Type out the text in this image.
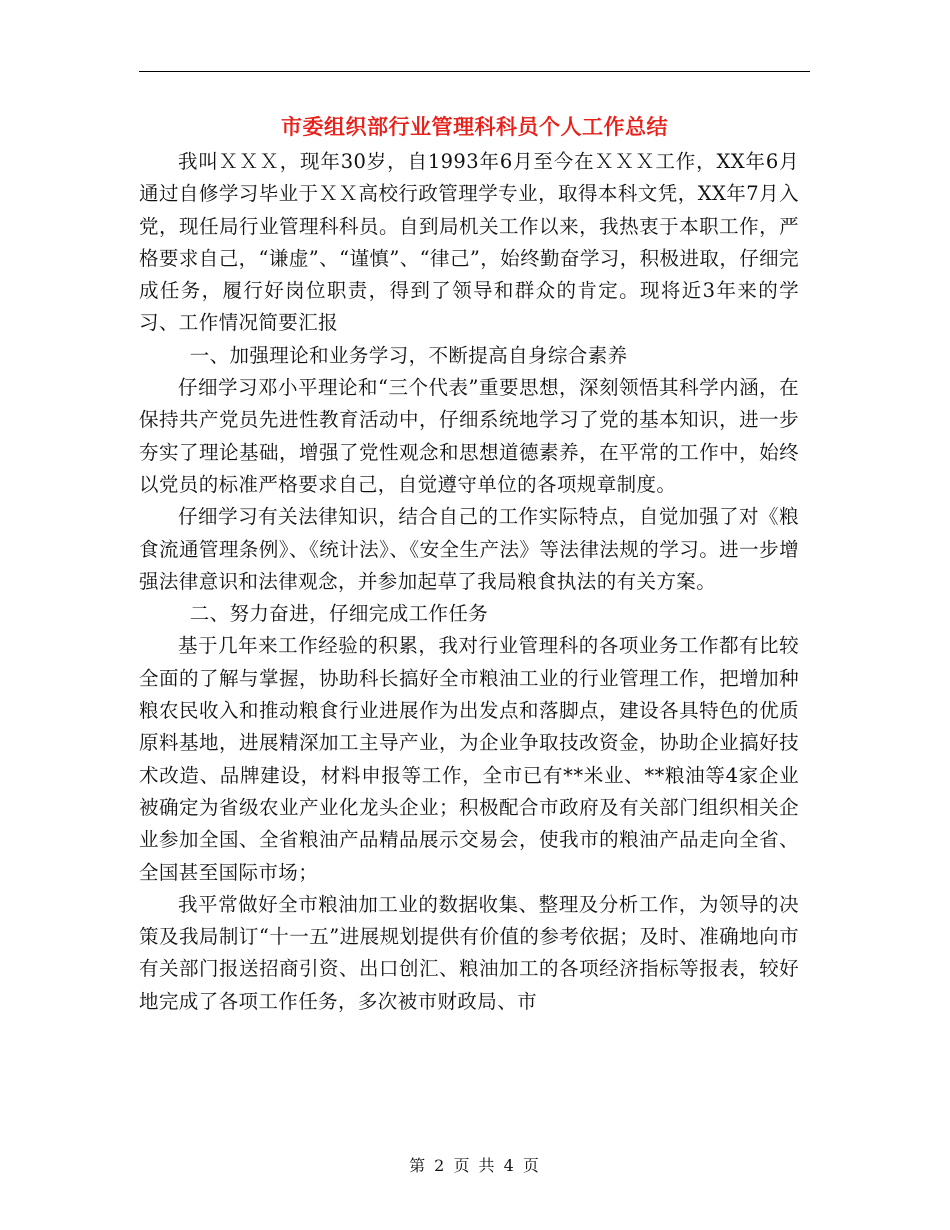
市委组织部行业管理科科员个人工作总结

我叫ＸＸＸ，现年30岁，自1993年6月至今在ＸＸＸ工作，XX年6月通过自修学习毕业于ＸＸ高校行政管理学专业，取得本科文凭，XX年7月入党，现任局行业管理科科员。自到局机关工作以来，我热衷于本职工作，严格要求自己，“谦虚”、“谨慎”、“律己”，始终勤奋学习，积极进取，仔细完成任务，履行好岗位职责，得到了领导和群众的肯定。现将近3年来的学习、工作情况简要汇报

一、加强理论和业务学习，不断提高自身综合素养

仔细学习邓小平理论和“三个代表”重要思想，深刻领悟其科学内涵，在保持共产党员先进性教育活动中，仔细系统地学习了党的基本知识，进一步夯实了理论基础，增强了党性观念和思想道德素养，在平常的工作中，始终以党员的标准严格要求自己，自觉遵守单位的各项规章制度。

仔细学习有关法律知识，结合自己的工作实际特点，自觉加强了对《粮食流通管理条例》、《统计法》、《安全生产法》等法律法规的学习。进一步增强法律意识和法律观念，并参加起草了我局粮食执法的有关方案。

二、努力奋进，仔细完成工作任务

基于几年来工作经验的积累，我对行业管理科的各项业务工作都有比较全面的了解与掌握，协助科长搞好全市粮油工业的行业管理工作，把增加种粮农民收入和推动粮食行业进展作为出发点和落脚点，建设各具特色的优质原料基地，进展精深加工主导产业，为企业争取技改资金，协助企业搞好技术改造、品牌建设，材料申报等工作，全市已有**米业、**粮油等4家企业被确定为省级农业产业化龙头企业；积极配合市政府及有关部门组织相关企业参加全国、全省粮油产品精品展示交易会，使我市的粮油产品走向全省、全国甚至国际市场；

我平常做好全市粮油加工业的数据收集、整理及分析工作，为领导的决策及我局制订“十一五”进展规划提供有价值的参考依据；及时、准确地向市有关部门报送招商引资、出口创汇、粮油加工的各项经济指标等报表，较好地完成了各项工作任务，多次被市财政局、市

第 2 页 共 4 页
